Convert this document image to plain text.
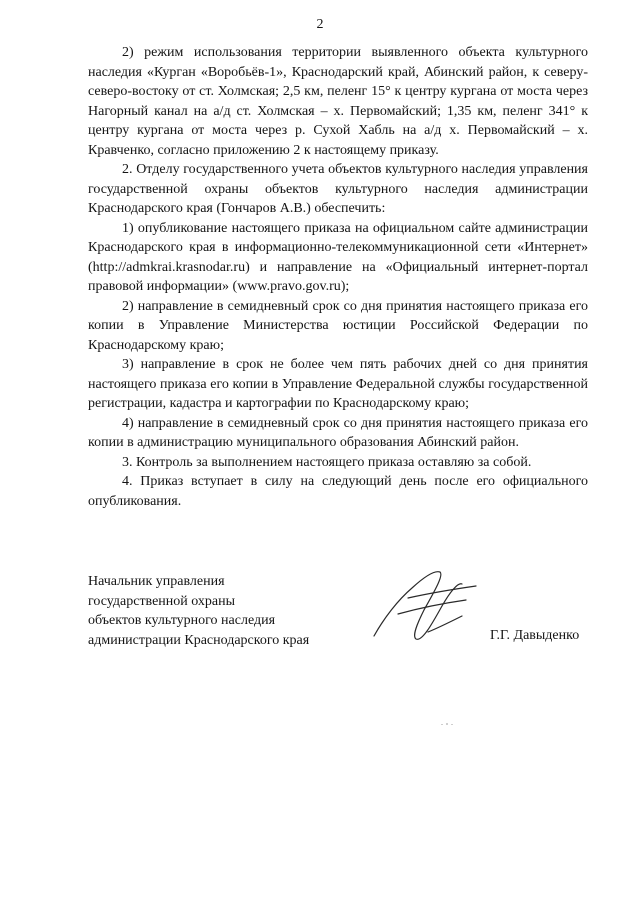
2

2) режим использования территории выявленного объекта культурного наследия «Курган «Воробьёв-1», Краснодарский край, Абинский район, к северу-северо-востоку от ст. Холмская; 2,5 км, пеленг 15° к центру кургана от моста через Нагорный канал на а/д ст. Холмская – х. Первомайский; 1,35 км, пеленг 341° к центру кургана от моста через р. Сухой Хабль на а/д х. Первомайский – х. Кравченко, согласно приложению 2 к настоящему приказу.

2. Отделу государственного учета объектов культурного наследия управления государственной охраны объектов культурного наследия администрации Краснодарского края (Гончаров А.В.) обеспечить:

1) опубликование настоящего приказа на официальном сайте администрации Краснодарского края в информационно-телекоммуникационной сети «Интернет» (http://admkrai.krasnodar.ru) и направление на «Официальный интернет-портал правовой информации» (www.pravo.gov.ru);

2) направление в семидневный срок со дня принятия настоящего приказа его копии в Управление Министерства юстиции Российской Федерации по Краснодарскому краю;

3) направление в срок не более чем пять рабочих дней со дня принятия настоящего приказа его копии в Управление Федеральной службы государственной регистрации, кадастра и картографии по Краснодарскому краю;

4) направление в семидневный срок со дня принятия настоящего приказа его копии в администрацию муниципального образования Абинский район.

3. Контроль за выполнением настоящего приказа оставляю за собой.

4. Приказ вступает в силу на следующий день после его официального опубликования.

Начальник управления
государственной охраны
объектов культурного наследия
администрации Краснодарского края	Г.Г. Давыденко
